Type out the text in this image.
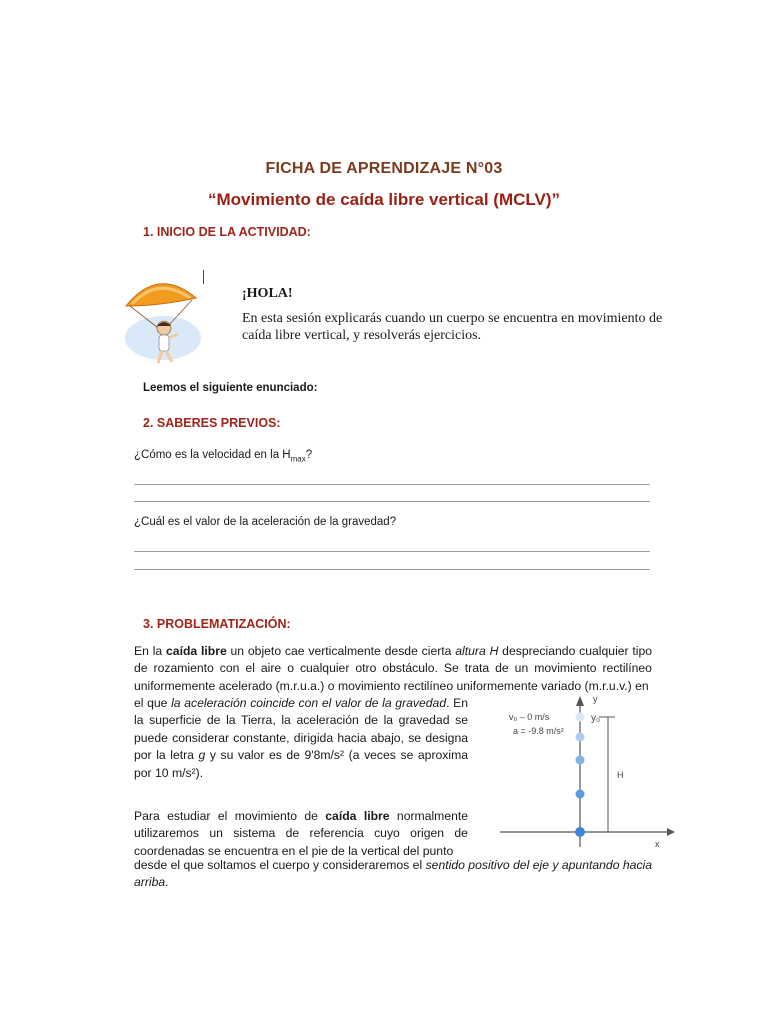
FICHA DE APRENDIZAJE N°03
“Movimiento de caída libre vertical (MCLV)”
1. INICIO DE LA ACTIVIDAD:
¡HOLA!
En esta sesión explicarás cuando un cuerpo se encuentra en movimiento de caída libre vertical, y resolverás ejercicios.
Leemos el siguiente enunciado:
2. SABERES PREVIOS:
¿Cómo es la velocidad en la $H_{max}$?
¿Cuál es el valor de la aceleración de la gravedad?
3. PROBLEMATIZACIÓN:
En la caída libre un objeto cae verticalmente desde cierta altura H despreciando cualquier tipo de rozamiento con el aire o cualquier otro obstáculo. Se trata de un movimiento rectilíneo uniformemente acelerado (m.r.u.a.) o movimiento rectilíneo uniformemente variado (m.r.u.v.) en
el que la aceleración coincide con el valor de la gravedad. En la superficie de la Tierra, la aceleración de la gravedad se puede considerar constante, dirigida hacia abajo, se designa por la letra g y su valor es de 9'8m/s² (a veces se aproxima por 10 m/s²).
Para estudiar el movimiento de caída libre normalmente utilizaremos un sistema de referencia cuyo origen de coordenadas se encuentra en el pie de la vertical del punto
y
x
v₀ – 0 m/s
a = -9.8 m/s²
y₀
H
desde el que soltamos el cuerpo y consideraremos el sentido positivo del eje y apuntando hacia arriba.
